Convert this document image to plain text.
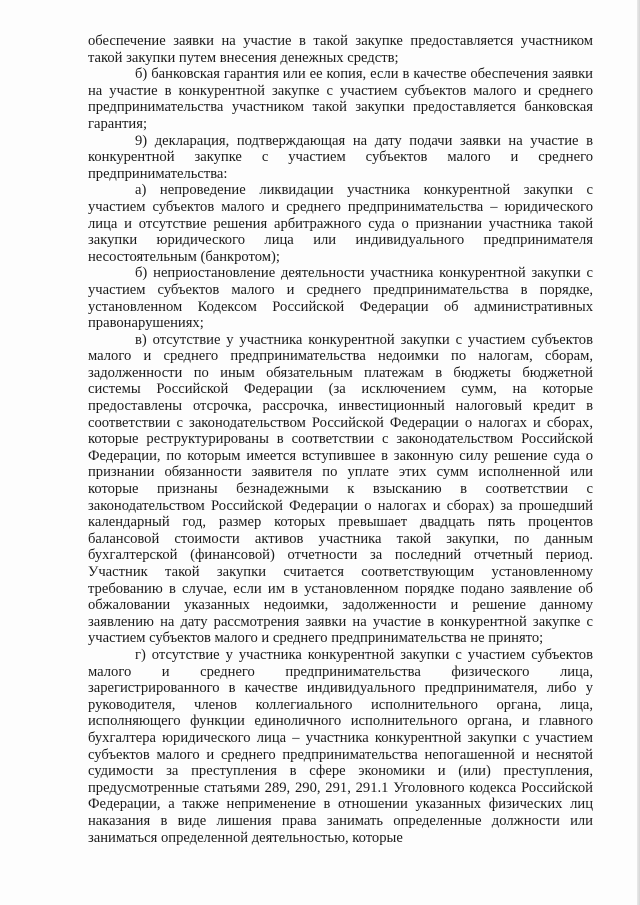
обеспечение заявки на участие в такой закупке предоставляется участником такой закупки путем внесения денежных средств;

б) банковская гарантия или ее копия, если в качестве обеспечения заявки на участие в конкурентной закупке с участием субъектов малого и среднего предпринимательства участником такой закупки предоставляется банковская гарантия;

9) декларация, подтверждающая на дату подачи заявки на участие в конкурентной закупке с участием субъектов малого и среднего предпринимательства:

а) непроведение ликвидации участника конкурентной закупки с участием субъектов малого и среднего предпринимательства – юридического лица и отсутствие решения арбитражного суда о признании участника такой закупки юридического лица или индивидуального предпринимателя несостоятельным (банкротом);

б) неприостановление деятельности участника конкурентной закупки с участием субъектов малого и среднего предпринимательства в порядке, установленном Кодексом Российской Федерации об административных правонарушениях;

в) отсутствие у участника конкурентной закупки с участием субъектов малого и среднего предпринимательства недоимки по налогам, сборам, задолженности по иным обязательным платежам в бюджеты бюджетной системы Российской Федерации (за исключением сумм, на которые предоставлены отсрочка, рассрочка, инвестиционный налоговый кредит в соответствии с законодательством Российской Федерации о налогах и сборах, которые реструктурированы в соответствии с законодательством Российской Федерации, по которым имеется вступившее в законную силу решение суда о признании обязанности заявителя по уплате этих сумм исполненной или которые признаны безнадежными к взысканию в соответствии с законодательством Российской Федерации о налогах и сборах) за прошедший календарный год, размер которых превышает двадцать пять процентов балансовой стоимости активов участника такой закупки, по данным бухгалтерской (финансовой) отчетности за последний отчетный период. Участник такой закупки считается соответствующим установленному требованию в случае, если им в установленном порядке подано заявление об обжаловании указанных недоимки, задолженности и решение данному заявлению на дату рассмотрения заявки на участие в конкурентной закупке с участием субъектов малого и среднего предпринимательства не принято;

г) отсутствие у участника конкурентной закупки с участием субъектов малого и среднего предпринимательства физического лица, зарегистрированного в качестве индивидуального предпринимателя, либо у руководителя, членов коллегиального исполнительного органа, лица, исполняющего функции единоличного исполнительного органа, и главного бухгалтера юридического лица – участника конкурентной закупки с участием субъектов малого и среднего предпринимательства непогашенной и неснятой судимости за преступления в сфере экономики и (или) преступления, предусмотренные статьями 289, 290, 291, 291.1 Уголовного кодекса Российской Федерации, а также неприменение в отношении указанных физических лиц наказания в виде лишения права занимать определенные должности или заниматься определенной деятельностью, которые
